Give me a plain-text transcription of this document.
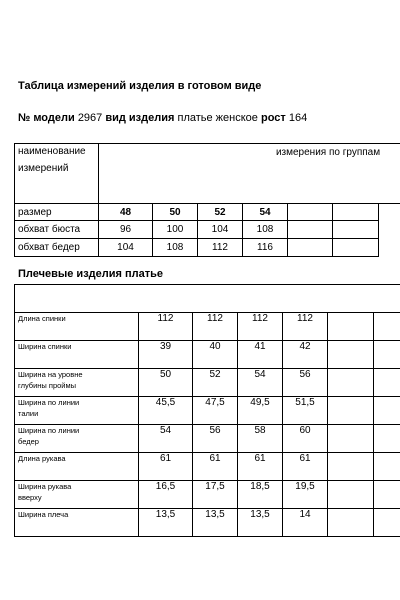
Таблица измерений изделия в готовом виде
№ модели 2967 вид изделия платье женское рост 164
наименование
измерений	измерения по группам					
размер	48	50	52	54		
обхват бюста	96	100	104	108		
обхват бедер	104	108	112	116		
Плечевые изделия платье

Длина спинки	112	112	112	112		

Ширина спинки	39	40	41	42		

Ширина на уровне
глубины проймы	50	52	54	56		

Ширина по линии
талии	45,5	47,5	49,5	51,5		

Ширина по линии
бедер	54	56	58	60		

Длина рукава	61	61	61	61		

Ширина рукава
вверху	16,5	17,5	18,5	19,5		

Ширина плеча	13,5	13,5	13,5	14		
